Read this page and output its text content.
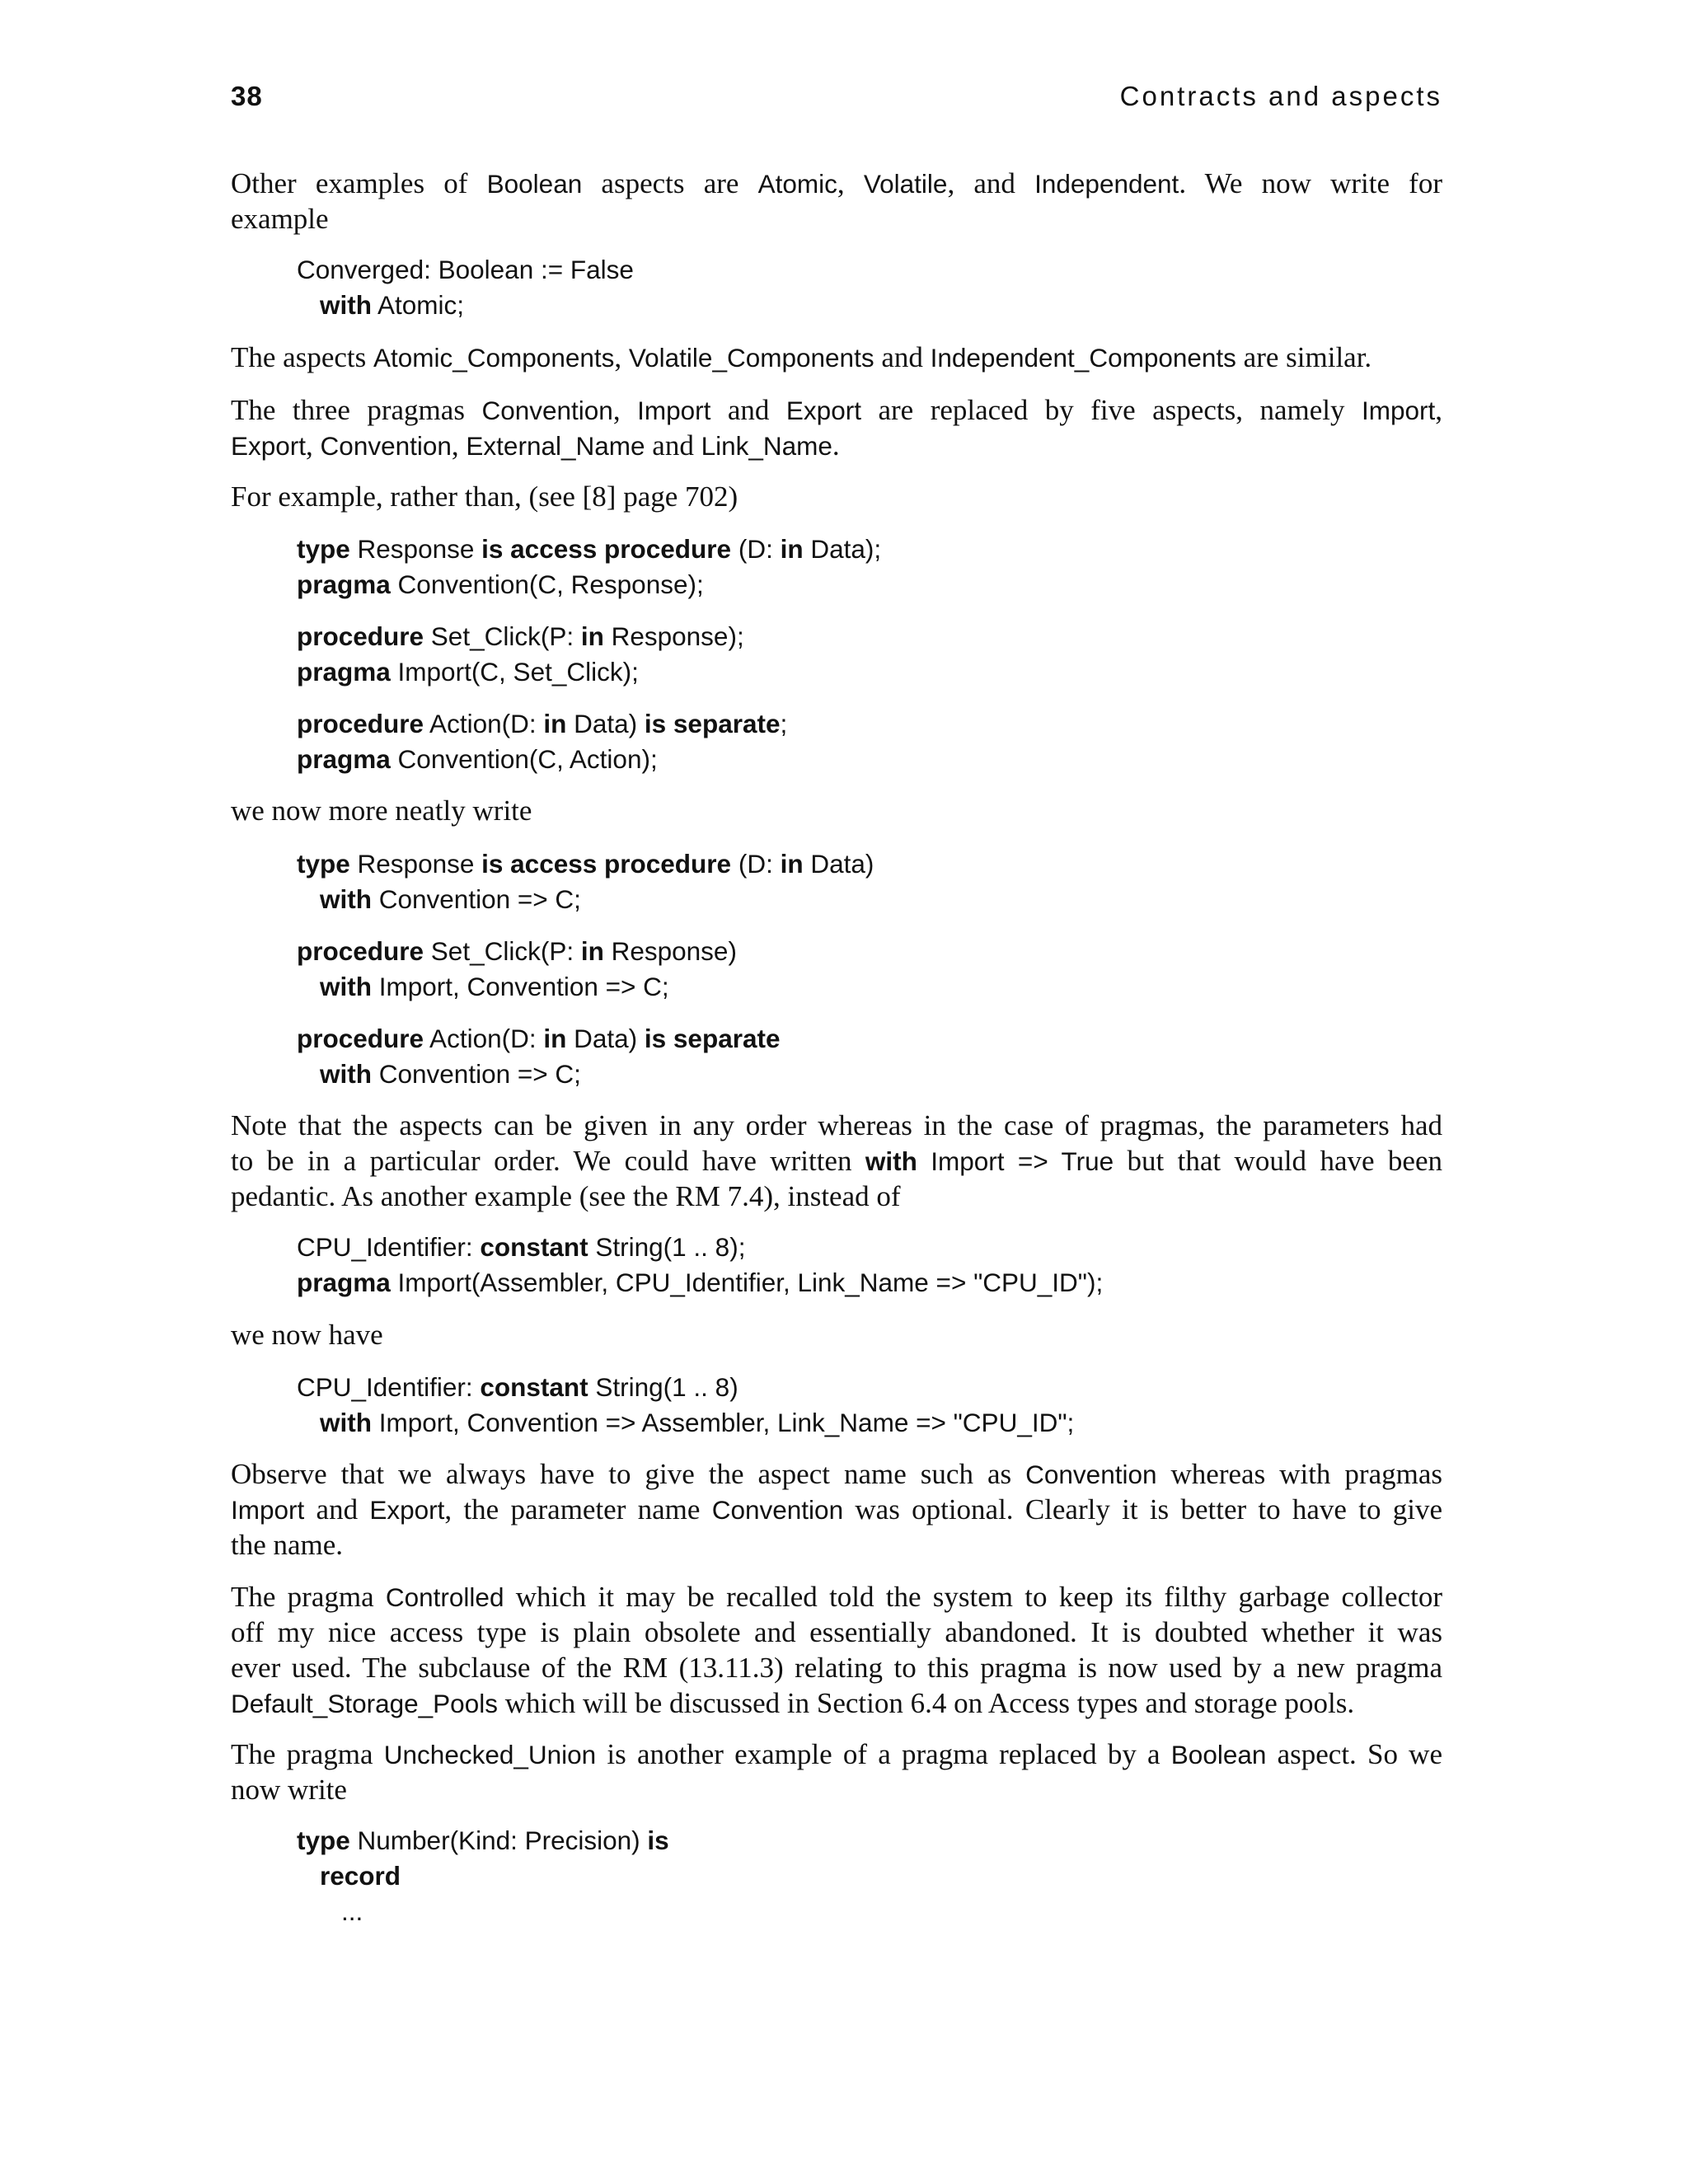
38	Contracts and aspects
Other examples of Boolean aspects are Atomic, Volatile, and Independent. We now write for
example
Converged: Boolean := False
with Atomic;
The aspects Atomic_Components, Volatile_Components and Independent_Components are similar.
The three pragmas Convention, Import and Export are replaced by five aspects, namely Import,
Export, Convention, External_Name and Link_Name.
For example, rather than, (see [8] page 702)
type Response is access procedure (D: in Data);
pragma Convention(C, Response);
procedure Set_Click(P: in Response);
pragma Import(C, Set_Click);
procedure Action(D: in Data) is separate;
pragma Convention(C, Action);
we now more neatly write
type Response is access procedure (D: in Data)
with Convention => C;
procedure Set_Click(P: in Response)
with Import, Convention => C;
procedure Action(D: in Data) is separate
with Convention => C;
Note that the aspects can be given in any order whereas in the case of pragmas, the parameters had
to be in a particular order. We could have written with Import => True but that would have been
pedantic. As another example (see the RM 7.4), instead of
CPU_Identifier: constant String(1 .. 8);
pragma Import(Assembler, CPU_Identifier, Link_Name => "CPU_ID");
we now have
CPU_Identifier: constant String(1 .. 8)
with Import, Convention => Assembler, Link_Name => "CPU_ID";
Observe that we always have to give the aspect name such as Convention whereas with pragmas
Import and Export, the parameter name Convention was optional. Clearly it is better to have to give
the name.
The pragma Controlled which it may be recalled told the system to keep its filthy garbage collector
off my nice access type is plain obsolete and essentially abandoned. It is doubted whether it was
ever used. The subclause of the RM (13.11.3) relating to this pragma is now used by a new pragma
Default_Storage_Pools which will be discussed in Section 6.4 on Access types and storage pools.
The pragma Unchecked_Union is another example of a pragma replaced by a Boolean aspect. So we
now write
type Number(Kind: Precision) is
record
...
